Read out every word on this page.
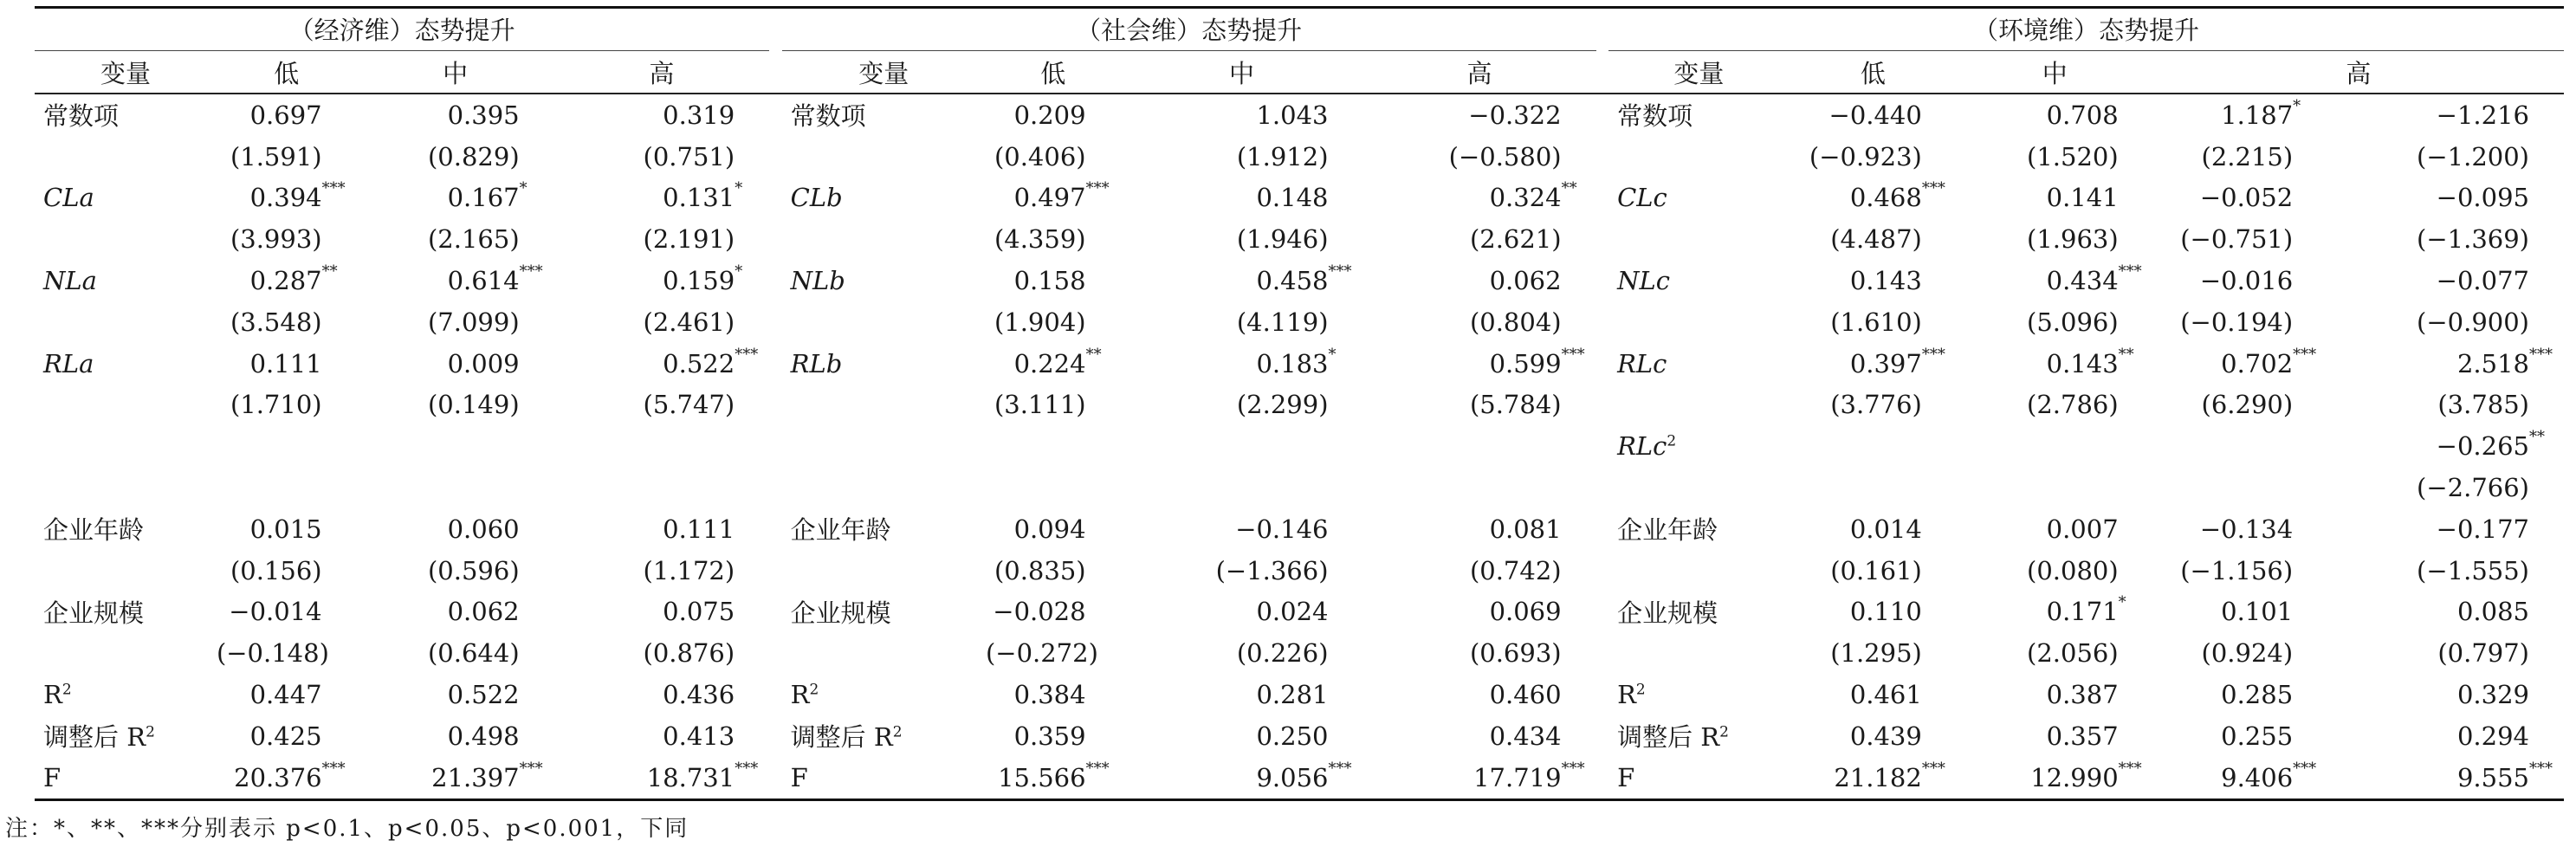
（经济维）态势提升					（社会维）态势提升					（环境维）态势提升				
变量	低	中	高		变量	低	中	高		变量	低	中	高	
常数项	0.697	0.395	0.319		常数项	0.209	1.043	−0.322		常数项	−0.440	0.708	1.187*	−1.216
	(1.591)	(0.829)	(0.751)			(0.406)	(1.912)	(−0.580)			(−0.923)	(1.520)	(2.215)	(−1.200)
CLa	0.394***	0.167*	0.131*		CLb	0.497***	0.148	0.324**		CLc	0.468***	0.141	−0.052	−0.095
	(3.993)	(2.165)	(2.191)			(4.359)	(1.946)	(2.621)			(4.487)	(1.963)	(−0.751)	(−1.369)
NLa	0.287**	0.614***	0.159*		NLb	0.158	0.458***	0.062		NLc	0.143	0.434***	−0.016	−0.077
	(3.548)	(7.099)	(2.461)			(1.904)	(4.119)	(0.804)			(1.610)	(5.096)	(−0.194)	(−0.900)
RLa	0.111	0.009	0.522***		RLb	0.224**	0.183*	0.599***		RLc	0.397***	0.143**	0.702***	2.518***
	(1.710)	(0.149)	(5.747)			(3.111)	(2.299)	(5.784)			(3.776)	(2.786)	(6.290)	(3.785)
										RLc$^2$				−0.265**
														(−2.766)
企业年龄	0.015	0.060	0.111		企业年龄	0.094	−0.146	0.081		企业年龄	0.014	0.007	−0.134	−0.177
	(0.156)	(0.596)	(1.172)			(0.835)	(−1.366)	(0.742)			(0.161)	(0.080)	(−1.156)	(−1.555)
企业规模	−0.014	0.062	0.075		企业规模	−0.028	0.024	0.069		企业规模	0.110	0.171*	0.101	0.085
	(−0.148)	(0.644)	(0.876)			(−0.272)	(0.226)	(0.693)			(1.295)	(2.056)	(0.924)	(0.797)
$R^2$	0.447	0.522	0.436		$R^2$	0.384	0.281	0.460		$R^2$	0.461	0.387	0.285	0.329
调整后 $R^2$	0.425	0.498	0.413		调整后 $R^2$	0.359	0.250	0.434		调整后 $R^2$	0.439	0.357	0.255	0.294
F	20.376***	21.397***	18.731***		F	15.566***	9.056***	17.719***		F	21.182***	12.990***	9.406***	9.555***
注：*、**、***分别表示 p<0.1、p<0.05、p<0.001，下同
